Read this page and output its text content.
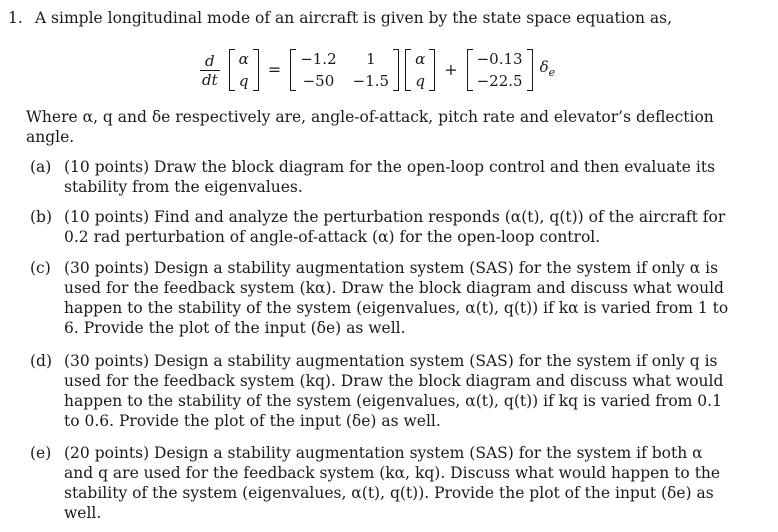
1. A simple longitudinal mode of an aircraft is given by the state space equation as,
$\frac{d}{dt}$ α
q
=
−1.2	1
−50 −1.5
α
q
+
−0.13
−22.5
$\delta_e$
Where α, q and δe respectively are, angle-of-attack, pitch rate and elevator’s deflection angle.
(a) (10 points) Draw the block diagram for the open-loop control and then evaluate its stability from the eigenvalues.
(b) (10 points) Find and analyze the perturbation responds (α(t), q(t)) of the aircraft for 0.2 rad perturbation of angle-of-attack (α) for the open-loop control.
(c) (30 points) Design a stability augmentation system (SAS) for the system if only α is used for the feedback system (kα). Draw the block diagram and discuss what would happen to the stability of the system (eigenvalues, α(t), q(t)) if kα is varied from 1 to 6. Provide the plot of the input (δe) as well.
(d) (30 points) Design a stability augmentation system (SAS) for the system if only q is used for the feedback system (kq). Draw the block diagram and discuss what would happen to the stability of the system (eigenvalues, α(t), q(t)) if kq is varied from 0.1 to 0.6. Provide the plot of the input (δe) as well.
(e) (20 points) Design a stability augmentation system (SAS) for the system if both α and q are used for the feedback system (kα, kq). Discuss what would happen to the stability of the system (eigenvalues, α(t), q(t)). Provide the plot of the input (δe) as well.
